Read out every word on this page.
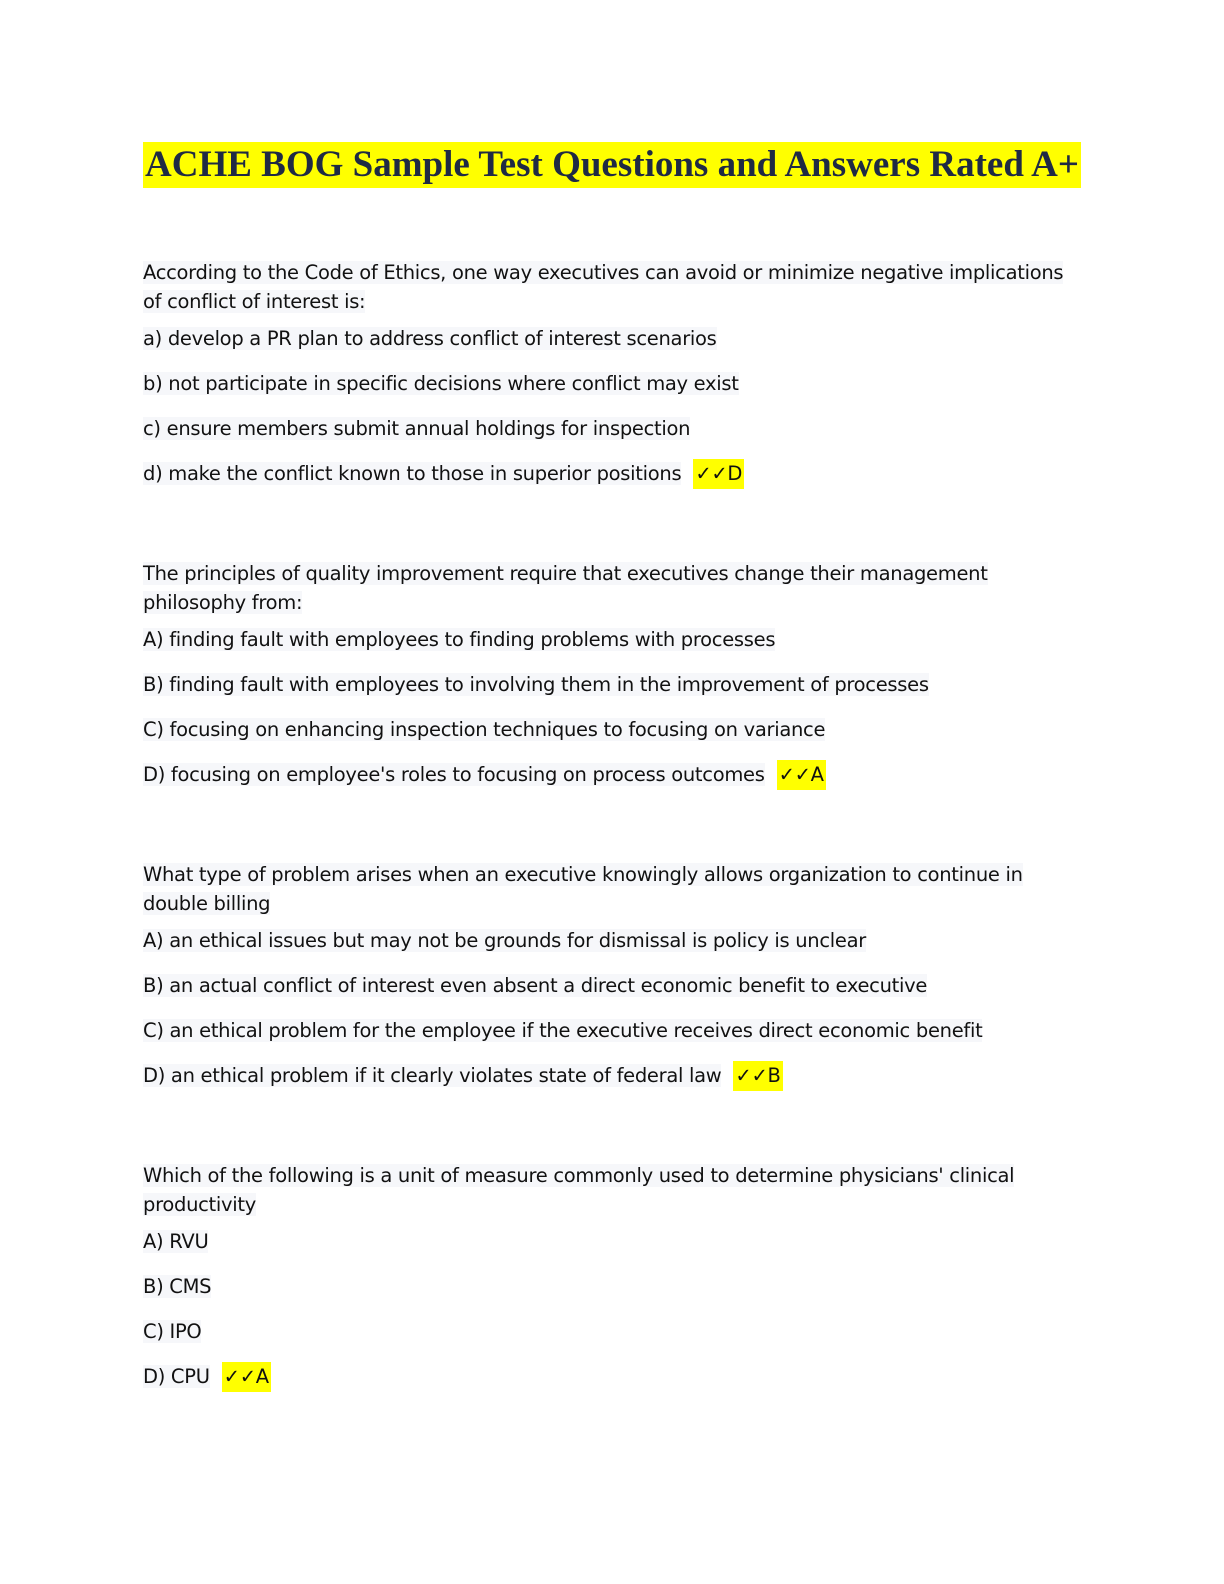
ACHE BOG Sample Test Questions and Answers Rated A+
According to the Code of Ethics, one way executives can avoid or minimize negative implications of conflict of interest is:
a) develop a PR plan to address conflict of interest scenarios
b) not participate in specific decisions where conflict may exist
c) ensure members submit annual holdings for inspection
d) make the conflict known to those in superior positions ✓✓D
The principles of quality improvement require that executives change their management philosophy from:
A) finding fault with employees to finding problems with processes
B) finding fault with employees to involving them in the improvement of processes
C) focusing on enhancing inspection techniques to focusing on variance
D) focusing on employee's roles to focusing on process outcomes ✓✓A
What type of problem arises when an executive knowingly allows organization to continue in double billing
A) an ethical issues but may not be grounds for dismissal is policy is unclear
B) an actual conflict of interest even absent a direct economic benefit to executive
C) an ethical problem for the employee if the executive receives direct economic benefit
D) an ethical problem if it clearly violates state of federal law ✓✓B
Which of the following is a unit of measure commonly used to determine physicians' clinical productivity
A) RVU
B) CMS
C) IPO
D) CPU ✓✓A
